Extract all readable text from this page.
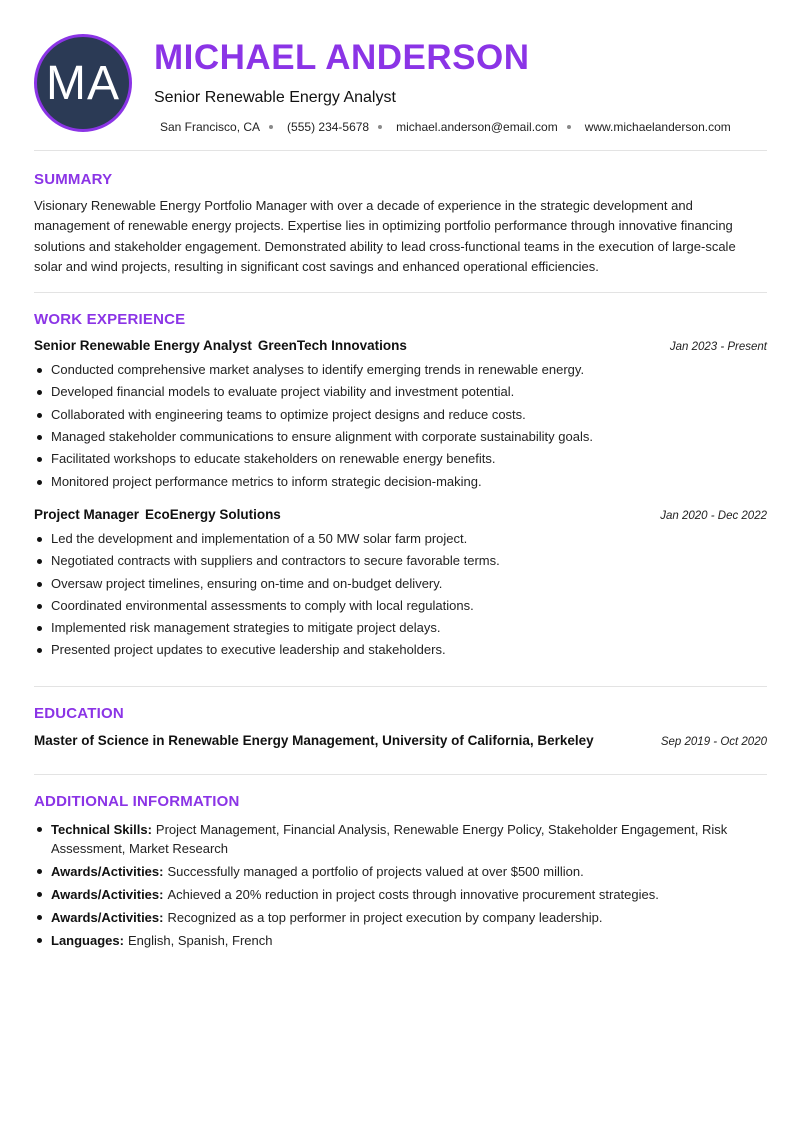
MA MICHAEL ANDERSON
Senior Renewable Energy Analyst
San Francisco, CA (555) 234-5678 michael.anderson@email.com www.michaelanderson.com
SUMMARY

Visionary Renewable Energy Portfolio Manager with over a decade of experience in the strategic development and management of renewable energy projects. Expertise lies in optimizing portfolio performance through innovative financing solutions and stakeholder engagement. Demonstrated ability to lead cross-functional teams in the execution of large-scale solar and wind projects, resulting in significant cost savings and enhanced operational efficiencies.

WORK EXPERIENCE
Senior Renewable Energy Analyst GreenTech Innovations	Jan 2023 - Present
Conducted comprehensive market analyses to identify emerging trends in renewable energy.
Developed financial models to evaluate project viability and investment potential.
Collaborated with engineering teams to optimize project designs and reduce costs.
Managed stakeholder communications to ensure alignment with corporate sustainability goals.
Facilitated workshops to educate stakeholders on renewable energy benefits.
Monitored project performance metrics to inform strategic decision-making.
Project Manager EcoEnergy Solutions	Jan 2020 - Dec 2022
Led the development and implementation of a 50 MW solar farm project.
Negotiated contracts with suppliers and contractors to secure favorable terms.
Oversaw project timelines, ensuring on-time and on-budget delivery.
Coordinated environmental assessments to comply with local regulations.
Implemented risk management strategies to mitigate project delays.
Presented project updates to executive leadership and stakeholders.
EDUCATION
Master of Science in Renewable Energy Management, University of California, Berkeley	Sep 2019 - Oct 2020
ADDITIONAL INFORMATION
Technical Skills: Project Management, Financial Analysis, Renewable Energy Policy, Stakeholder Engagement, Risk Assessment, Market Research
Awards/Activities: Successfully managed a portfolio of projects valued at over $500 million.
Awards/Activities: Achieved a 20% reduction in project costs through innovative procurement strategies.
Awards/Activities: Recognized as a top performer in project execution by company leadership.
Languages: English, Spanish, French
